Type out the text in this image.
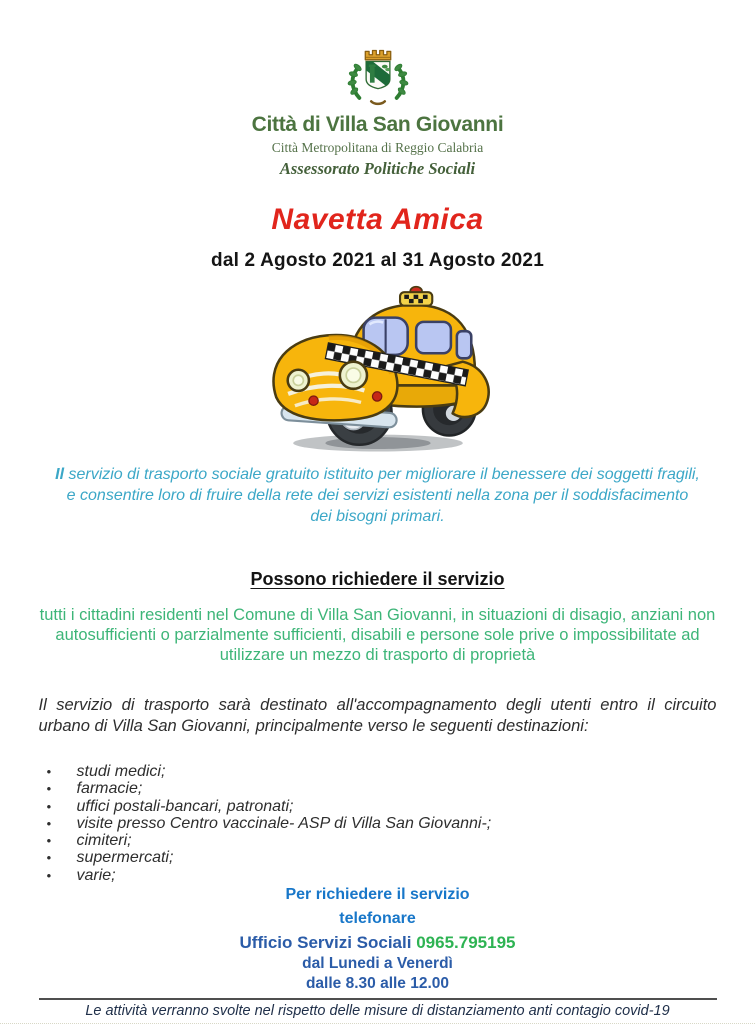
Città di Villa San Giovanni
Città Metropolitana di Reggio Calabria
Assessorato Politiche Sociali
Navetta Amica
dal 2 Agosto 2021 al 31 Agosto 2021

Il servizio di trasporto sociale gratuito istituito per migliorare il benessere dei soggetti fragili, e consentire loro di fruire della rete dei servizi esistenti nella zona per il soddisfacimento dei bisogni primari.

Possono richiedere il servizio

tutti i cittadini residenti nel Comune di Villa San Giovanni, in situazioni di disagio, anziani non autosufficienti o parzialmente sufficienti, disabili e persone sole prive o impossibilitate ad utilizzare un mezzo di trasporto di proprietà

Il servizio di trasporto sarà destinato all'accompagnamento degli utenti entro il circuito urbano di Villa San Giovanni, principalmente verso le seguenti destinazioni:

• studi medici;
• farmacie;
• uffici postali-bancari, patronati;
• visite presso Centro vaccinale- ASP di Villa San Giovanni-;
• cimiteri;
• supermercati;
• varie;
Per richiedere il servizio
telefonare
Ufficio Servizi Sociali 0965.795195
dal Lunedi a Venerdì
dalle 8.30 alle 12.00
Le attività verranno svolte nel rispetto delle misure di distanziamento anti contagio covid-19
